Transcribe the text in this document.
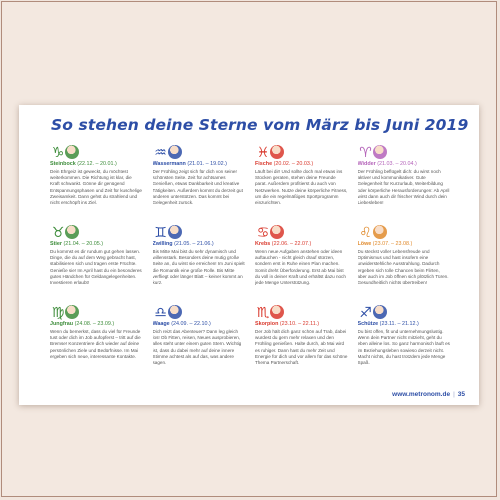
So stehen deine Sterne vom März bis Juni 2019
♑
Steinbock (22.12. – 20.01.)
Dein Ehrgeiz ist geweckt, du möchtest weiterkommen. Die Richtung ist klar, die Kraft schwankt. Gönne dir genügend Entspannungsphasen und Zeit für kuschelige Zweisamkeit. Dann gehst du strahlend und nicht erschöpft ins Ziel.
♒
Wassermann (21.01. – 19.02.)
Der Frühling zeigt sich für dich von seiner schönsten Seite. Zeit für achtsames Genießen, etwas Dankbarkeit und kreative Tätigkeiten. Außerdem kommt du derzeit gut anderen unterstützen. Das kommt bei Gelegenheit zurück.
♓
Fische (20.02. – 20.03.)
Läuft bei dir! Und sollte doch mal etwas ins Stocken geraten, stehen deine Freunde parat. Außerdem profitierst du auch von Netzwerken. Nutze deine körperliche Fitness, um die ein regelmäßiges Sportprogramm einzurichten.
♈
Widder (21.03. – 20.04.)
Der Frühling beflügelt dich: du wirst noch aktiver und kommunikativer. Gute Gelegenheit für Kurzurlaub, Weiterbildung oder körperliche Herausforderungen: Ab April wirst dann auch dir frischer Wind durch dein Liebesleben!
♉
Stier (21.04. – 20.05.)
Du kommst es dir rundum gut gehen lassen. Dinge, die du auf dem Weg gebracht hast, stabilisieren sich und tragen erste Früchte. Genieße sie! Im April hast du ein besonderes gutes Händchen für Geldangelegenheiten. Investieren erlaubt!
♊
Zwilling (21.05. – 21.06.)
Bis Mitte Mai bist du sehr dynamisch und willensstark. Besonders deine mutig große Seite an, du wirst sie erreichen! Im Juni spielt die Romantik eine große Rolle. Bis Mitte verfliegt oder länger Blatt – keiner kommt an kurz.
♋
Krebs (22.06. – 22.07.)
Wenn neue Aufgaben anstehen oder ideen auftauchen - nicht gleich drauf stürzen, sondern erst in Ruhe einen Plan machen. Somit dreht Überforderung. Erst ab Mai bist du voll in deiner Kraft und erhältst dazu noch jede Menge Unterstützung.
♌
Löwe (23.07. – 23.08.)
Du steckst voller Lebensfreude und Optimismus und hast insofern eine unwiderstehliche Ausstrahlung. Dadurch ergeben sich tolle Chancen beim Flirten, aber auch im Job öffnen sich plötzlich Türen. Gesundheitlich nichts übertreiben!
♍
Jungfrau (24.08. – 23.09.)
Wenn du bemerkst, dass du viel für Freunde tust oder dich im Job aufopferst – tritt auf die Bremse! Konzentriere dich wieder auf deine persönlichen Ziele und Bedürfnisse. Im Mai ergeben sich neue, interessante Kontakte.
♎
Waage (24.09. – 22.10.)
Dich reizt das Abenteuer? Dann leg gleich los! Ob Fitten, reisen, Neues ausprobieren, alles steht unter einem guten Stern. Wichtig ist, dass du dabei mehr auf deine innere Stimme achtest als auf das, was andere sagen.
♏
Skorpion (23.10. – 22.11.)
Der Job hält dich ganz schön auf Trab, dabei wurdest du gern mehr relaxen und den Frühling genießen. Halte durch, ab Mai wird es ruhiger. Dann hast du mehr Zeit und Energie für dich und vor allem für das schöne Thema Partnerschaft.
♐
Schütze (23.11. – 21.12.)
Du bist offen, fit und unternehmungslustig. Wenn dein Partner nicht mitzieht, geht du eben alleine los. So ganz harmonisch läuft es im Beziehungsleben sowieso derzeit nicht. Macht nichts, du hast trotzdem jede Menge Spaß.
www.metronom.de | 35
